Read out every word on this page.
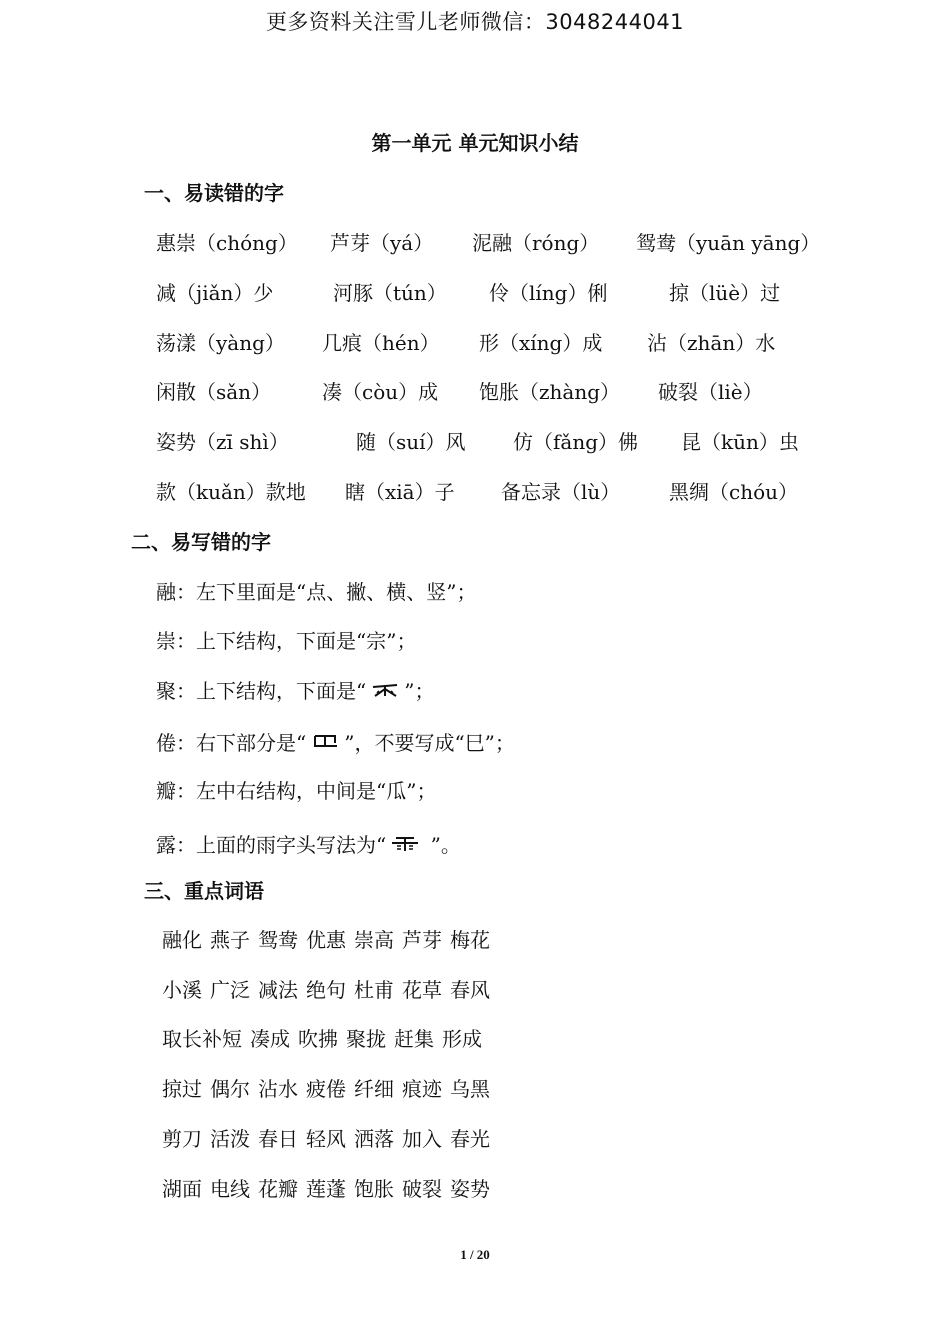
更多资料关注雪儿老师微信：3048244041
第一单元 单元知识小结
一、易读错的字
惠崇（chóng） 芦芽（yá） 泥融（róng） 鸳鸯（yuān yāng）
减（jiǎn）少	河豚（tún） 伶（líng）俐	掠（lüè）过
荡漾（yàng） 几痕（hén） 形（xíng）成 沾（zhān）水
闲散（sǎn）	凑（còu）成 饱胀（zhàng） 破裂（liè）
姿势（zī shì）	随（suí）风 仿（fǎng）佛 昆（kūn）虫
款（kuǎn）款地 瞎（xiā）子 备忘录（lù） 黑绸（chóu）
二、易写错的字
融：左下里面是“点、撇、横、竖”；
崇：上下结构，下面是“宗”；
聚：上下结构，下面是“ ”；
倦：右下部分是“ ”，不要写成“巳”；
瓣：左中右结构，中间是“瓜”；
露：上面的雨字头写法为“ ”。
三、重点词语
融化 燕子 鸳鸯 优惠 崇高 芦芽 梅花
小溪 广泛 减法 绝句 杜甫 花草 春风
取长补短 凑成 吹拂 聚拢 赶集 形成
掠过 偶尔 沾水 疲倦 纤细 痕迹 乌黑
剪刀 活泼 春日 轻风 洒落 加入 春光
湖面 电线 花瓣 莲蓬 饱胀 破裂 姿势
1 / 20
